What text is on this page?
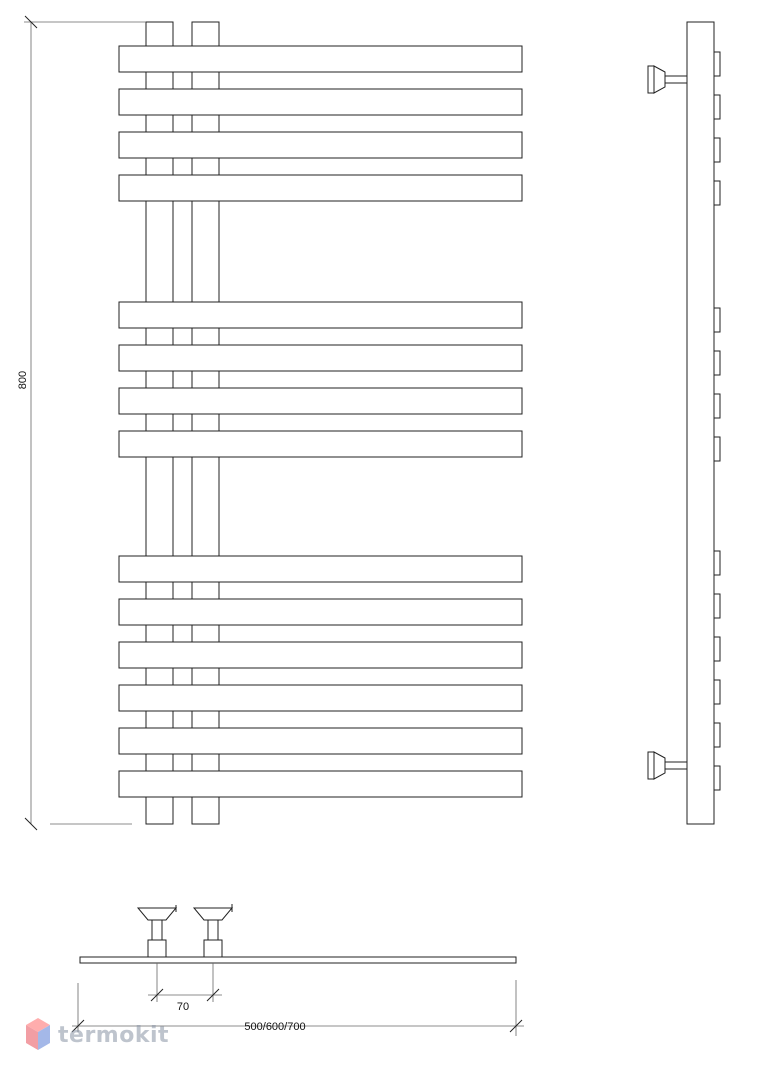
800
70
500/600/700
termokit
